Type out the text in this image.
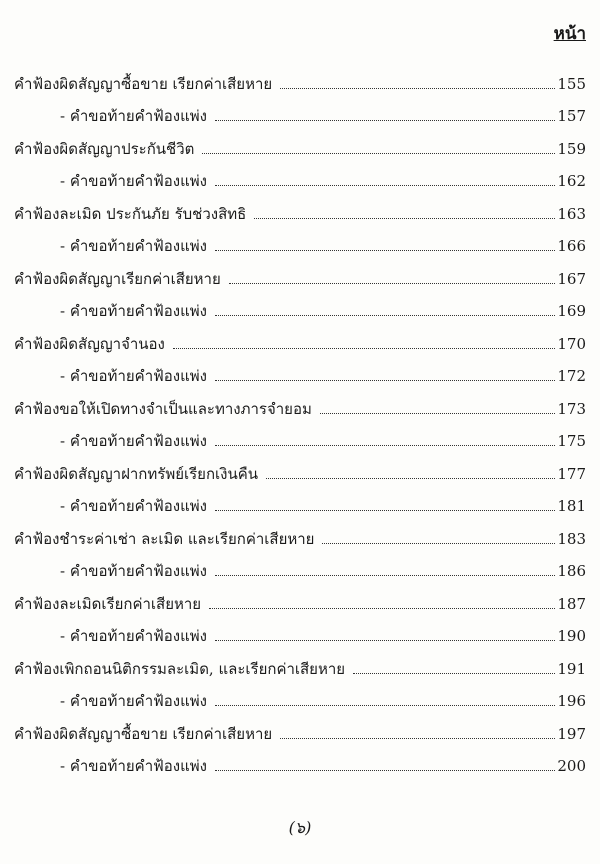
หน้า
คำฟ้องผิดสัญญาซื้อขาย เรียกค่าเสียหาย	155
- คำขอท้ายคำฟ้องแพ่ง	157
คำฟ้องผิดสัญญาประกันชีวิต	159
- คำขอท้ายคำฟ้องแพ่ง	162
คำฟ้องละเมิด ประกันภัย รับช่วงสิทธิ	163
- คำขอท้ายคำฟ้องแพ่ง	166
คำฟ้องผิดสัญญาเรียกค่าเสียหาย	167
- คำขอท้ายคำฟ้องแพ่ง	169
คำฟ้องผิดสัญญาจำนอง	170
- คำขอท้ายคำฟ้องแพ่ง	172
คำฟ้องขอให้เปิดทางจำเป็นและทางภารจำยอม	173
- คำขอท้ายคำฟ้องแพ่ง	175
คำฟ้องผิดสัญญาฝากทรัพย์เรียกเงินคืน	177
- คำขอท้ายคำฟ้องแพ่ง	181
คำฟ้องชำระค่าเช่า ละเมิด และเรียกค่าเสียหาย	183
- คำขอท้ายคำฟ้องแพ่ง	186
คำฟ้องละเมิดเรียกค่าเสียหาย	187
- คำขอท้ายคำฟ้องแพ่ง	190
คำฟ้องเพิกถอนนิติกรรมละเมิด, และเรียกค่าเสียหาย	191
- คำขอท้ายคำฟ้องแพ่ง	196
คำฟ้องผิดสัญญาซื้อขาย เรียกค่าเสียหาย	197
- คำขอท้ายคำฟ้องแพ่ง	200
(๖)
